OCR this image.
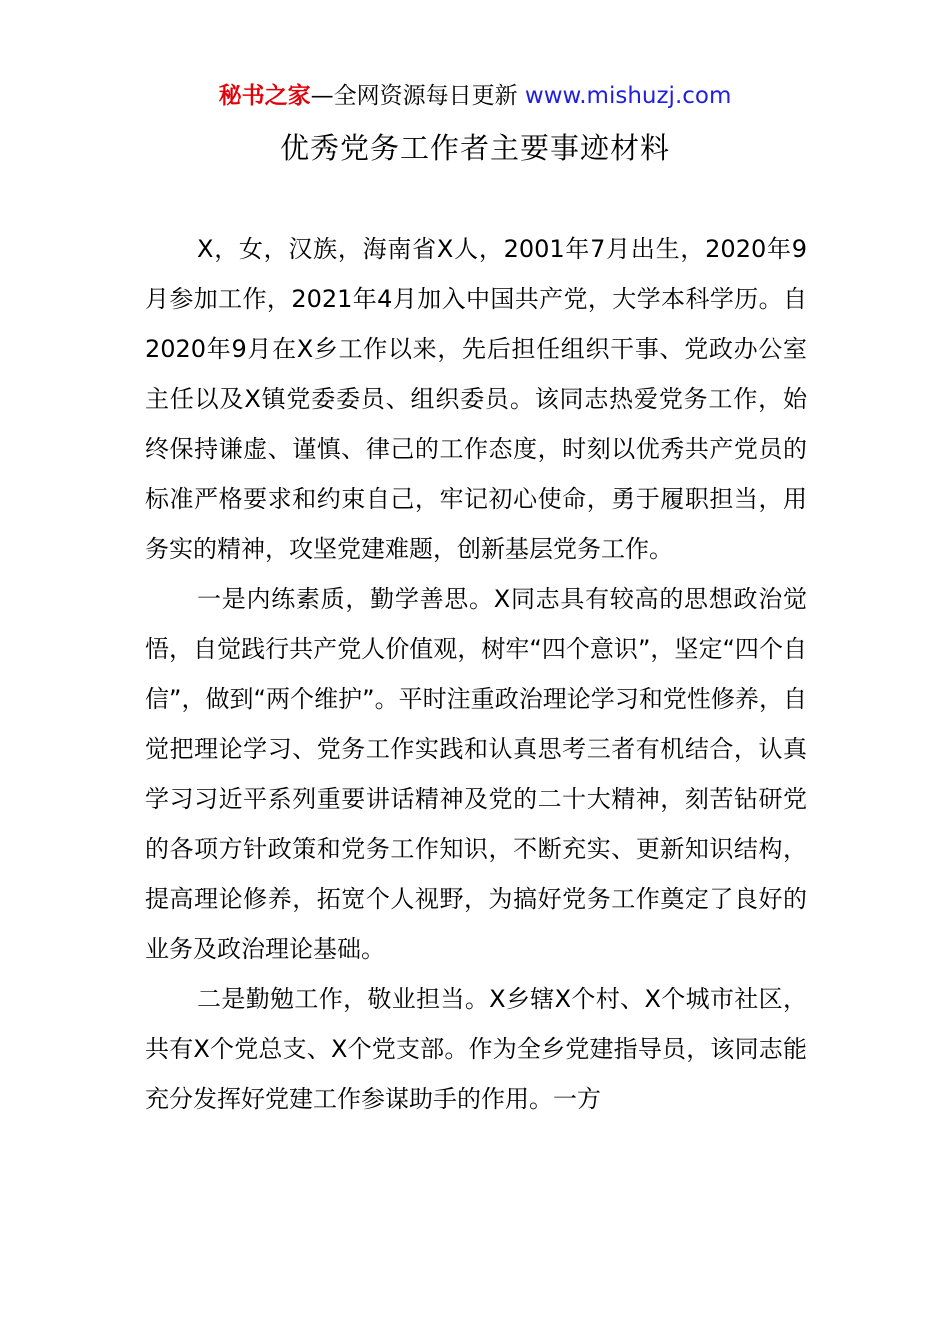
秘书之家—全网资源每日更新 www.mishuzj.com
优秀党务工作者主要事迹材料

X，女，汉族，海南省X人，2001年7月出生，2020年9月参加工作，2021年4月加入中国共产党，大学本科学历。自2020年9月在X乡工作以来，先后担任组织干事、党政办公室主任以及X镇党委委员、组织委员。该同志热爱党务工作，始终保持谦虚、谨慎、律己的工作态度，时刻以优秀共产党员的标准严格要求和约束自己，牢记初心使命，勇于履职担当，用务实的精神，攻坚党建难题，创新基层党务工作。

一是内练素质，勤学善思。X同志具有较高的思想政治觉悟，自觉践行共产党人价值观，树牢“四个意识”，坚定“四个自信”，做到“两个维护”。平时注重政治理论学习和党性修养，自觉把理论学习、党务工作实践和认真思考三者有机结合，认真学习习近平系列重要讲话精神及党的二十大精神，刻苦钻研党的各项方针政策和党务工作知识，不断充实、更新知识结构，提高理论修养，拓宽个人视野，为搞好党务工作奠定了良好的业务及政治理论基础。

二是勤勉工作，敬业担当。X乡辖X个村、X个城市社区，共有X个党总支、X个党支部。作为全乡党建指导员，该同志能充分发挥好党建工作参谋助手的作用。一方
